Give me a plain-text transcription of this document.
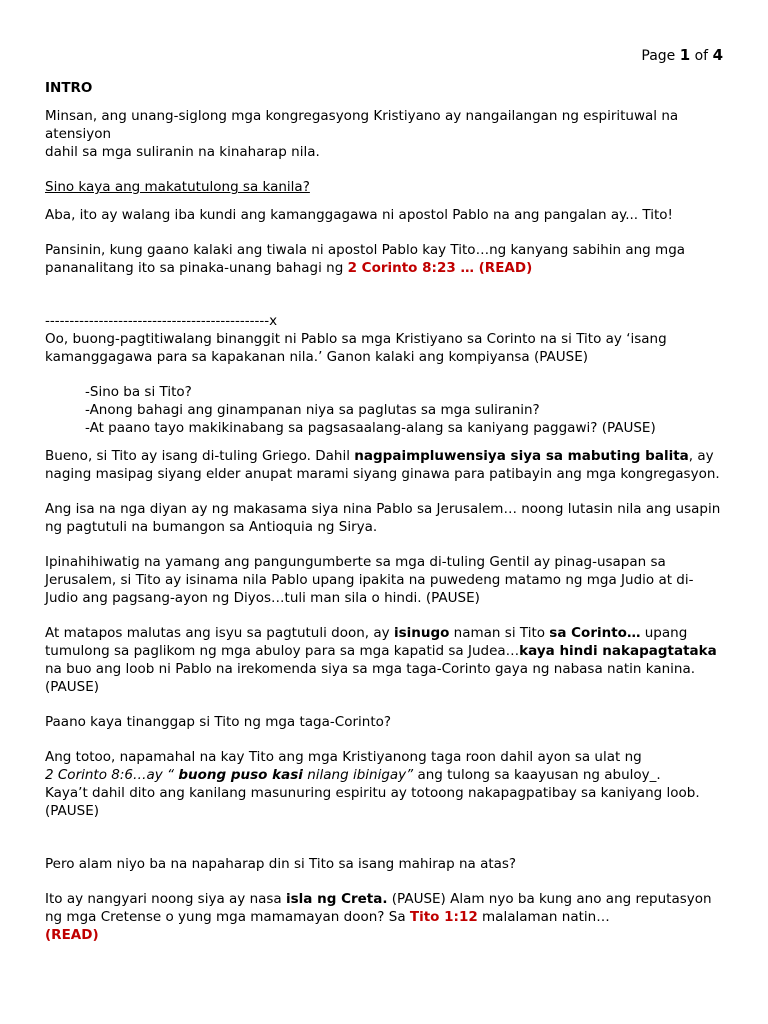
Page 1 of 4

INTRO

Minsan, ang unang-siglong mga kongregasyong Kristiyano ay nangailangan ng espirituwal na atensiyon

dahil sa mga suliranin na kinaharap nila.

Sino kaya ang makatutulong sa kanila?

Aba, ito ay walang iba kundi ang kamanggagawa ni apostol Pablo na ang pangalan ay... Tito!

Pansinin, kung gaano kalaki ang tiwala ni apostol Pablo kay Tito…ng kanyang sabihin ang mga pananalitang ito sa pinaka-unang bahagi ng 2 Corinto 8:23 … (READ)

----------------------------------------------x

Oo, buong-pagtitiwalang binanggit ni Pablo sa mga Kristiyano sa Corinto na si Tito ay ‘isang kamanggagawa para sa kapakanan nila.’ Ganon kalaki ang kompiyansa (PAUSE)

-Sino ba si Tito?

-Anong bahagi ang ginampanan niya sa paglutas sa mga suliranin?

-At paano tayo makikinabang sa pagsasaalang-alang sa kaniyang paggawi? (PAUSE)

Bueno, si Tito ay isang di-tuling Griego. Dahil nagpaimpluwensiya siya sa mabuting balita, ay naging masipag siyang elder anupat marami siyang ginawa para patibayin ang mga kongregasyon.

Ang isa na nga diyan ay ng makasama siya nina Pablo sa Jerusalem… noong lutasin nila ang usapin ng pagtutuli na bumangon sa Antioquia ng Sirya.

Ipinahihiwatig na yamang ang pangungumberte sa mga di-tuling Gentil ay pinag-usapan sa Jerusalem, si Tito ay isinama nila Pablo upang ipakita na puwedeng matamo ng mga Judio at di-Judio ang pagsang-ayon ng Diyos…tuli man sila o hindi. (PAUSE)

At matapos malutas ang isyu sa pagtutuli doon, ay isinugo naman si Tito sa Corinto… upang tumulong sa paglikom ng mga abuloy para sa mga kapatid sa Judea…kaya hindi nakapagtataka na buo ang loob ni Pablo na irekomenda siya sa mga taga-Corinto gaya ng nabasa natin kanina. (PAUSE)

Paano kaya tinanggap si Tito ng mga taga-Corinto?

Ang totoo, napamahal na kay Tito ang mga Kristiyanong taga roon dahil ayon sa ulat ng
2 Corinto 8:6…ay “ buong puso kasi nilang ibinigay” ang tulong sa kaayusan ng abuloy_.
Kaya’t dahil dito ang kanilang masunuring espiritu ay totoong nakapagpatibay sa kaniyang loob. (PAUSE)

Pero alam niyo ba na napaharap din si Tito sa isang mahirap na atas?

Ito ay nangyari noong siya ay nasa isla ng Creta. (PAUSE) Alam nyo ba kung ano ang reputasyon ng mga Cretense o yung mga mamamayan doon? Sa Tito 1:12 malalaman natin…
(READ)
